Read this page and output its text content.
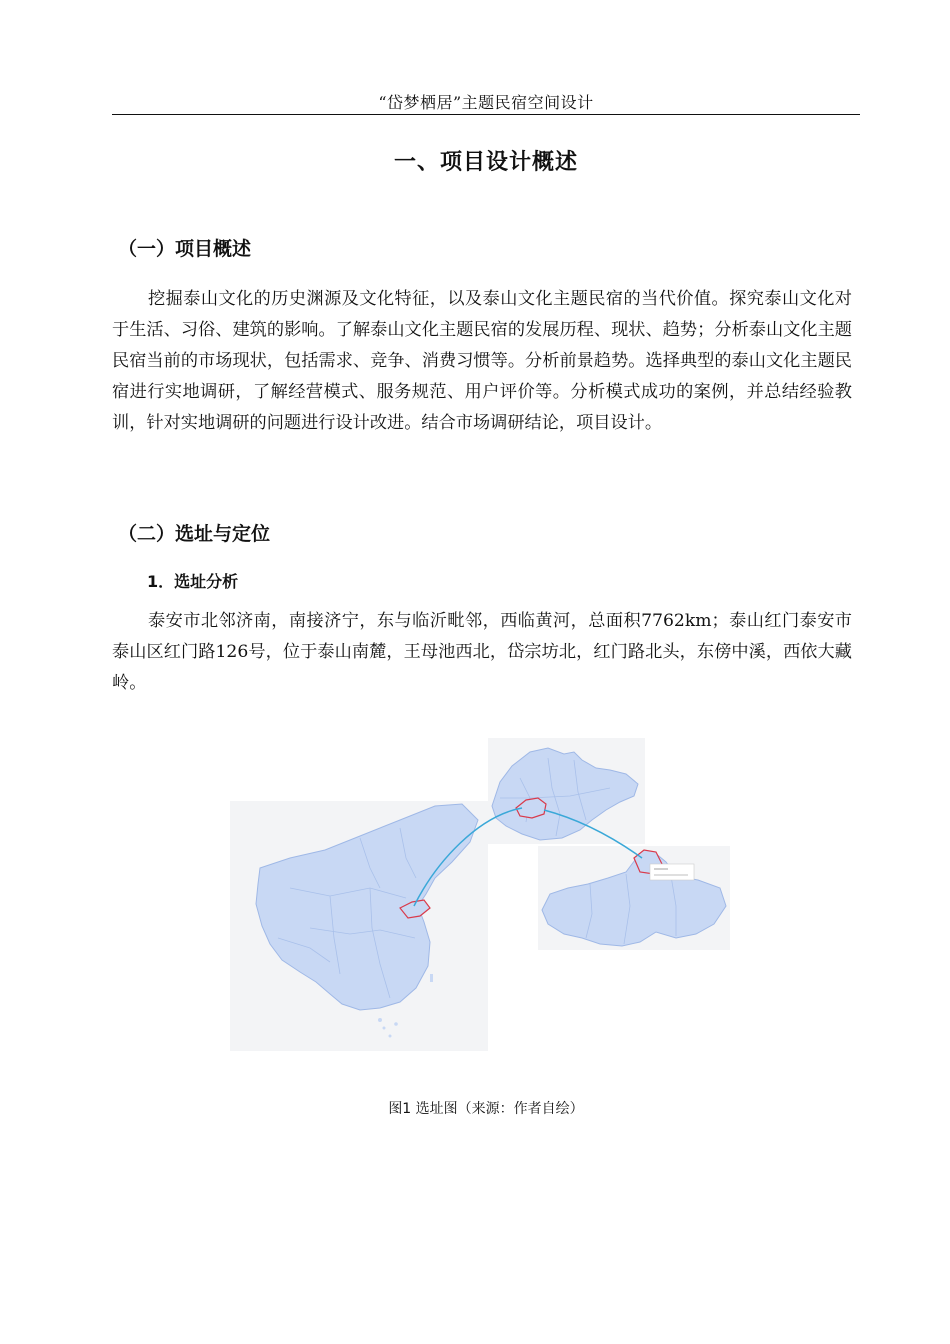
“岱梦栖居”主题民宿空间设计
一、项目设计概述
（一）项目概述

挖掘泰山文化的历史渊源及文化特征，以及泰山文化主题民宿的当代价值。探究泰山文化对于生活、习俗、建筑的影响。了解泰山文化主题民宿的发展历程、现状、趋势；分析泰山文化主题民宿当前的市场现状，包括需求、竞争、消费习惯等。分析前景趋势。选择典型的泰山文化主题民宿进行实地调研，了解经营模式、服务规范、用户评价等。分析模式成功的案例，并总结经验教训，针对实地调研的问题进行设计改进。结合市场调研结论，项目设计。

（二）选址与定位
1．选址分析

泰安市北邻济南，南接济宁，东与临沂毗邻，西临黄河，总面积7762km；泰山红门泰安市泰山区红门路126号，位于泰山南麓，王母池西北，岱宗坊北，红门路北头，东傍中溪，西依大藏岭。

图1 选址图（来源：作者自绘）
